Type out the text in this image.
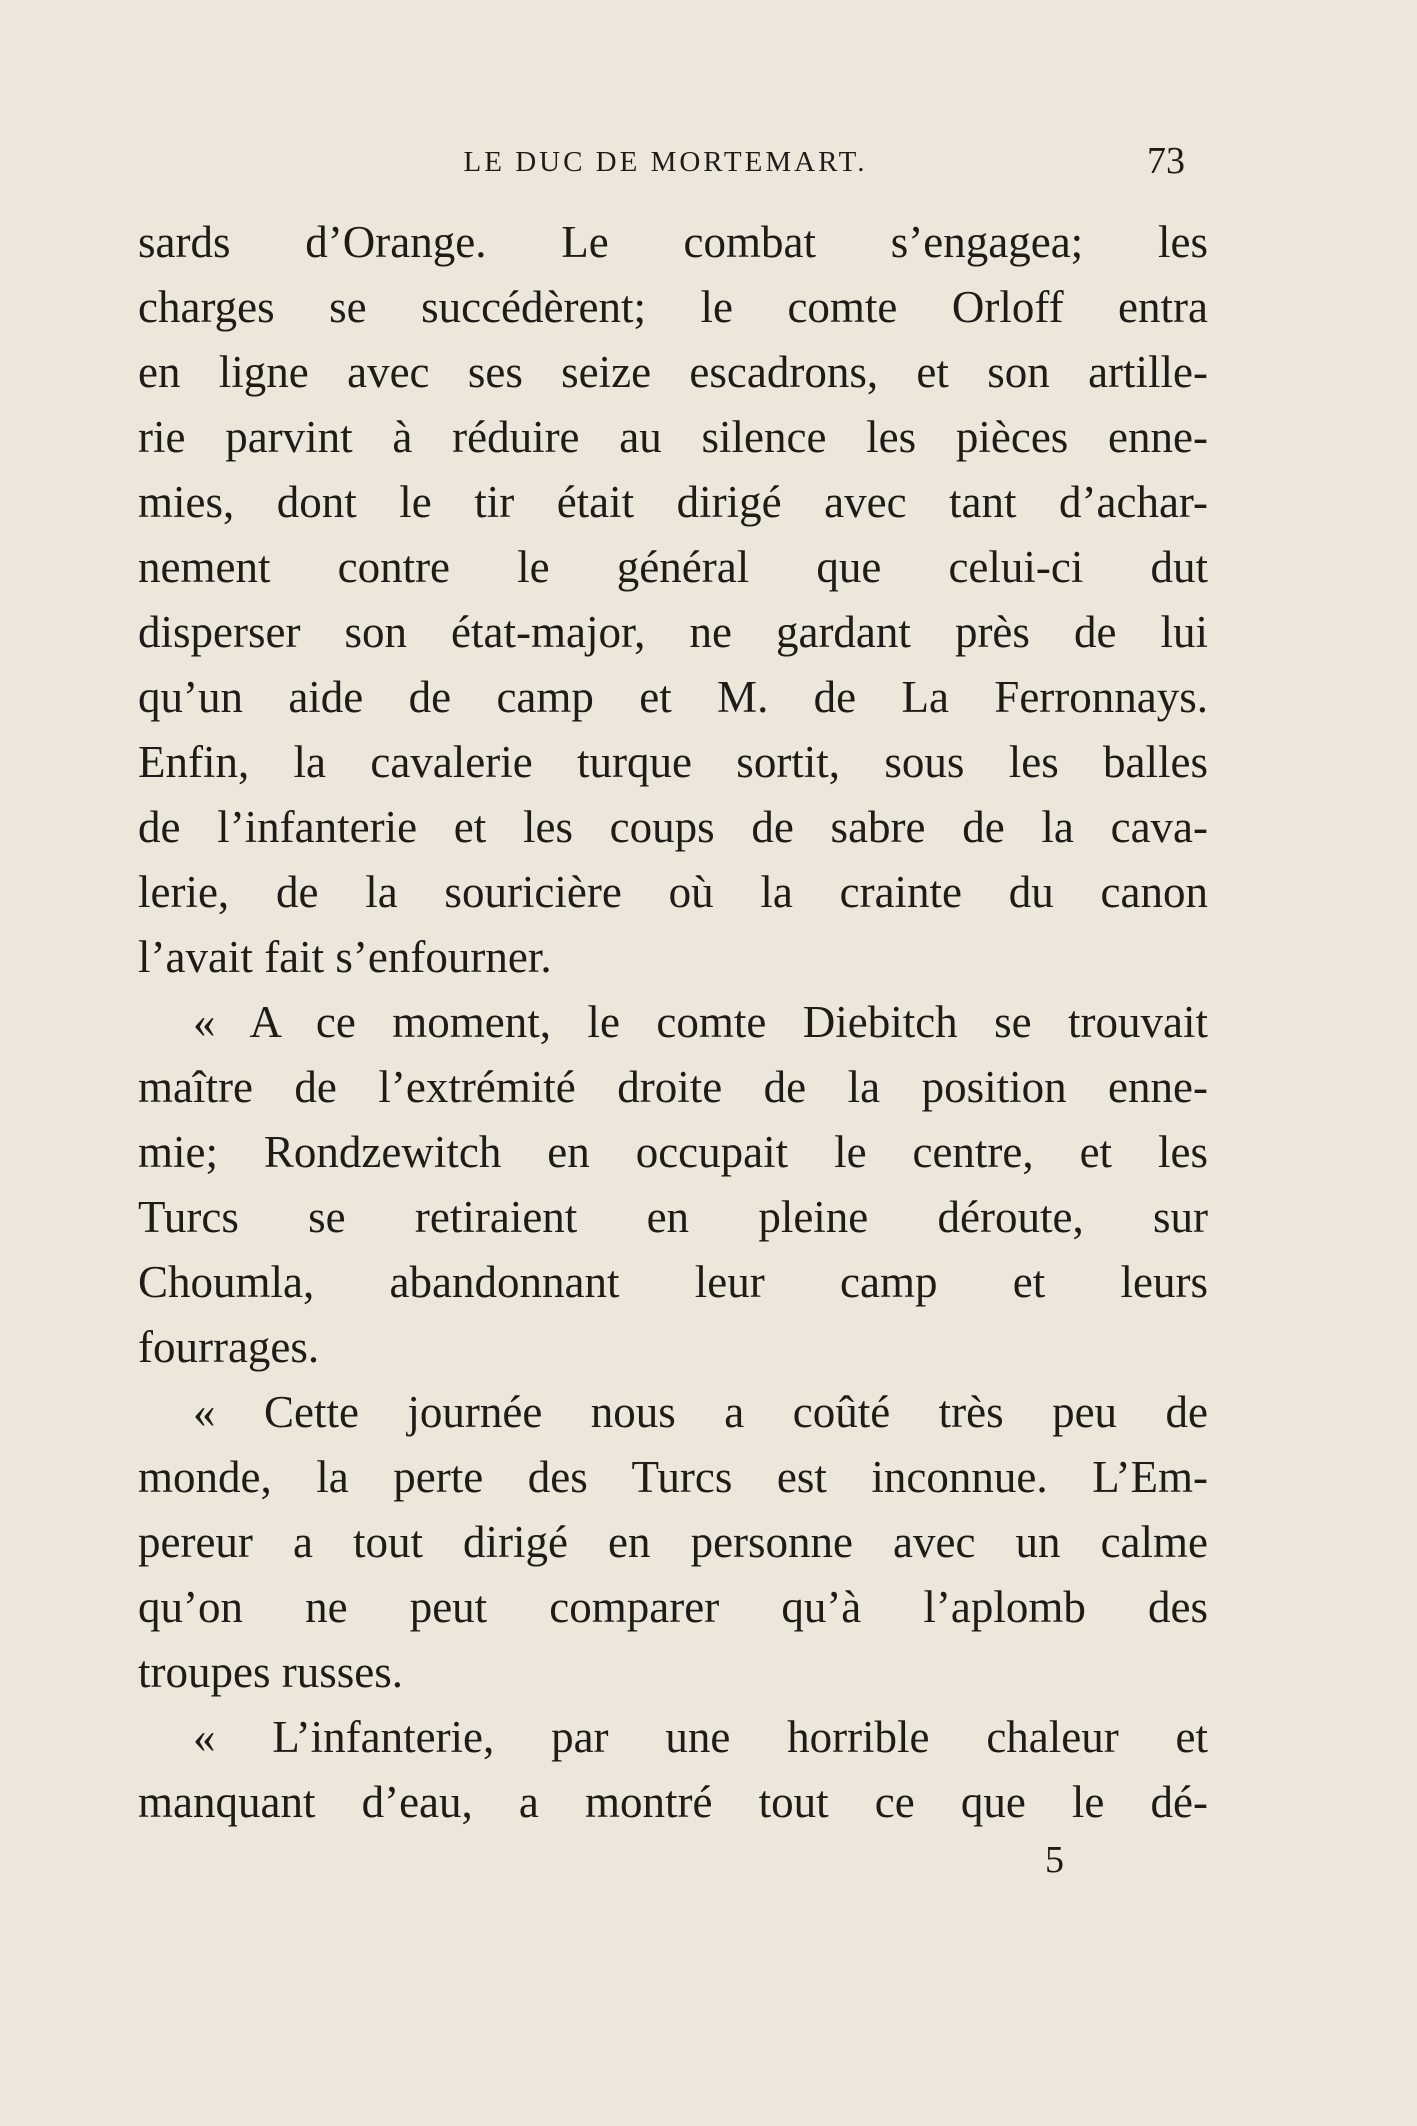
LE DUC DE MORTEMART.	73
sards d’Orange. Le combat s’engagea; les
charges se succédèrent; le comte Orloff entra
en ligne avec ses seize escadrons, et son artille-
rie parvint à réduire au silence les pièces enne-
mies, dont le tir était dirigé avec tant d’achar-
nement contre le général que celui-ci dut
disperser son état-major, ne gardant près de lui
qu’un aide de camp et M. de La Ferronnays.
Enfin, la cavalerie turque sortit, sous les balles
de l’infanterie et les coups de sabre de la cava-
lerie, de la souricière où la crainte du canon
l’avait fait s’enfourner.
« A ce moment, le comte Diebitch se trouvait
maître de l’extrémité droite de la position enne-
mie; Rondzewitch en occupait le centre, et les
Turcs se retiraient en pleine déroute, sur
Choumla, abandonnant leur camp et leurs
fourrages.
« Cette journée nous a coûté très peu de
monde, la perte des Turcs est inconnue. L’Em-
pereur a tout dirigé en personne avec un calme
qu’on ne peut comparer qu’à l’aplomb des
troupes russes.
« L’infanterie, par une horrible chaleur et
manquant d’eau, a montré tout ce que le dé-
5
